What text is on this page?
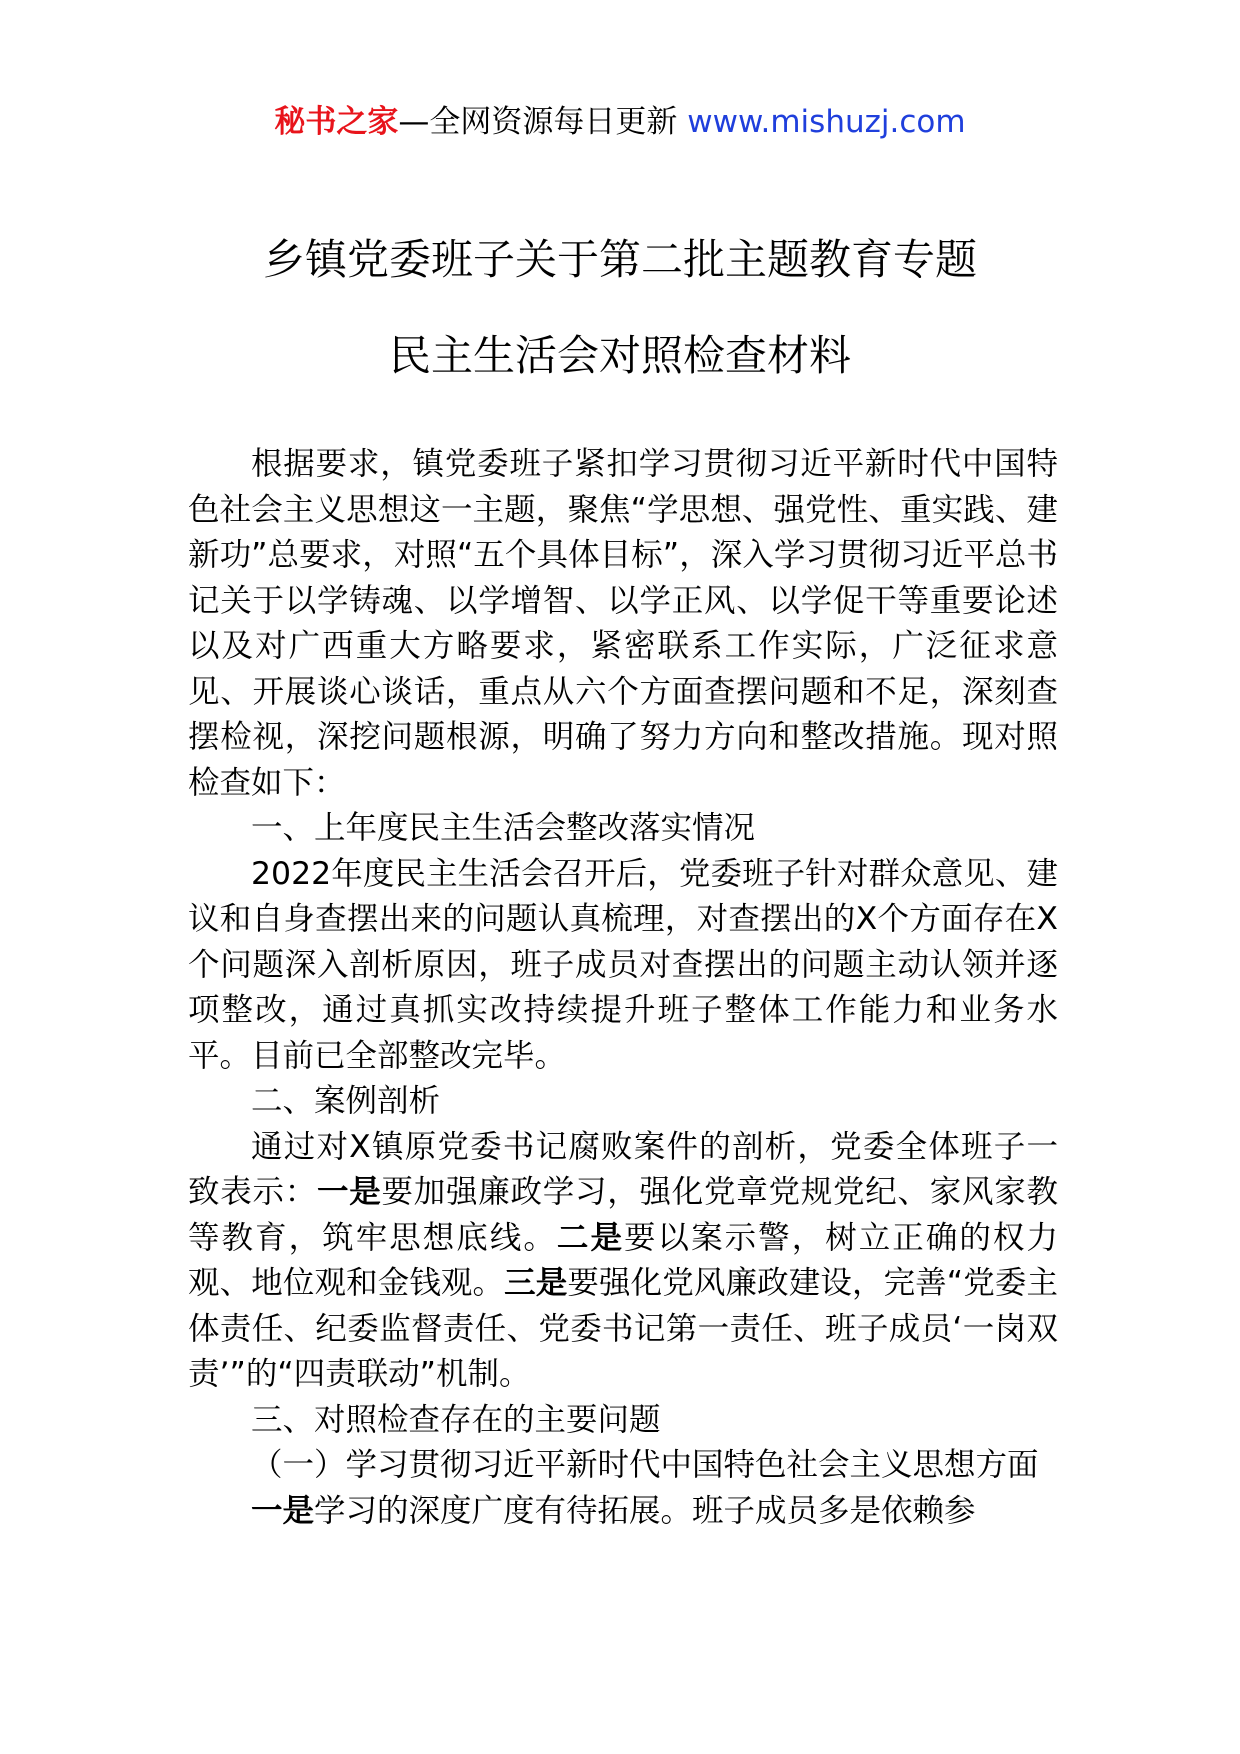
秘书之家—全网资源每日更新 www.mishuzj.com
乡镇党委班子关于第二批主题教育专题
民主生活会对照检查材料

根据要求，镇党委班子紧扣学习贯彻习近平新时代中国特色社会主义思想这一主题，聚焦“学思想、强党性、重实践、建新功”总要求，对照“五个具体目标”，深入学习贯彻习近平总书记关于以学铸魂、以学增智、以学正风、以学促干等重要论述以及对广西重大方略要求，紧密联系工作实际，广泛征求意见、开展谈心谈话，重点从六个方面查摆问题和不足，深刻查摆检视，深挖问题根源，明确了努力方向和整改措施。现对照检查如下：

一、上年度民主生活会整改落实情况

2022年度民主生活会召开后，党委班子针对群众意见、建议和自身查摆出来的问题认真梳理，对查摆出的X个方面存在X个问题深入剖析原因，班子成员对查摆出的问题主动认领并逐项整改，通过真抓实改持续提升班子整体工作能力和业务水平。目前已全部整改完毕。

二、案例剖析

通过对X镇原党委书记腐败案件的剖析，党委全体班子一致表示：一是要加强廉政学习，强化党章党规党纪、家风家教等教育，筑牢思想底线。二是要以案示警，树立正确的权力观、地位观和金钱观。三是要强化党风廉政建设，完善“党委主体责任、纪委监督责任、党委书记第一责任、班子成员‘一岗双责’”的“四责联动”机制。

三、对照检查存在的主要问题

（一）学习贯彻习近平新时代中国特色社会主义思想方面

一是学习的深度广度有待拓展。班子成员多是依赖参
